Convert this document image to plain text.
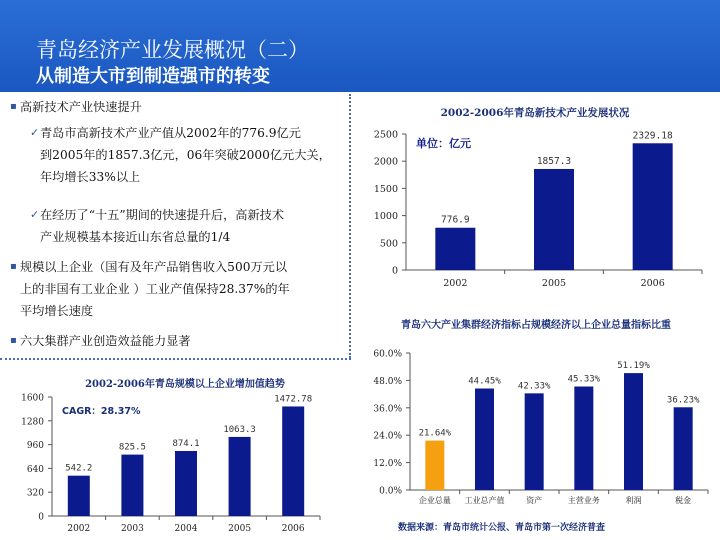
青岛经济产业发展概况（二）
从制造大市到制造强市的转变
▪ 高新技术产业快速提升
✓ 青岛市高新技术产业产值从2002年的776.9亿元
到2005年的1857.3亿元，06年突破2000亿元大关，
年均增长33%以上
✓ 在经历了“十五”期间的快速提升后，高新技术
产业规模基本接近山东省总量的1/4
▪ 规模以上企业（国有及年产品销售收入500万元以
上的非国有工业企业 ）工业产值保持28.37%的年
平均增长速度
▪ 六大集群产业创造效益能力显著
2002-2006年青岛新技术产业发展状况
0
500
1000
1500
2000
2500
776.9
2002
1857.3
2005
2329.18
2006
单位：亿元
2002-2006年青岛规模以上企业增加值趋势
0
320
640
960
1280
1600
542.2
2002
825.5
2003
874.1
2004
1063.3
2005
1472.78
2006
CAGR：28.37%
青岛六大产业集群经济指标占规模经济以上企业总量指标比重
0.0%
12.0%
24.0%
36.0%
48.0%
60.0%
21.64%
企业总量
44.45%
工业总产值
42.33%
资产
45.33%
主营业务
51.19%
利润
36.23%
税金
数据来源：青岛市统计公报、青岛市第一次经济普查
